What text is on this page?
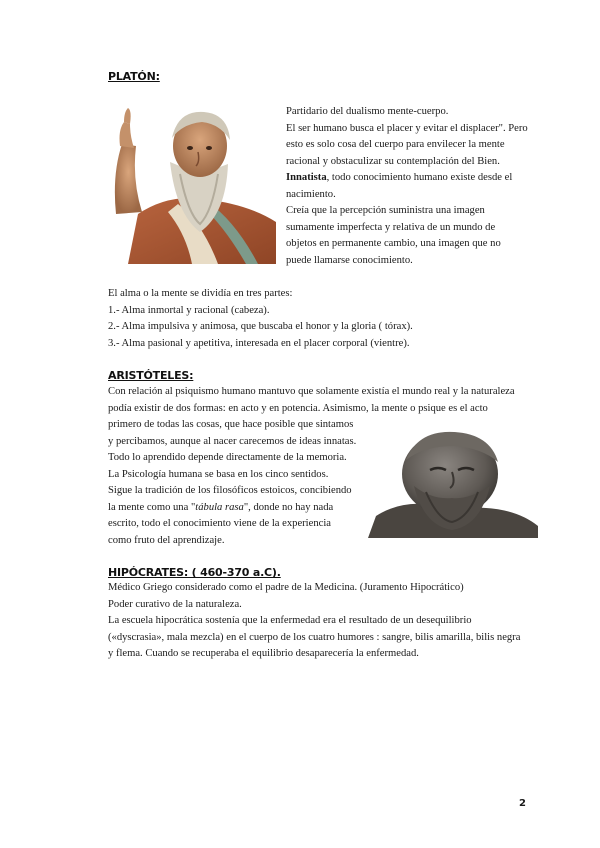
PLATÓN:
Partidario del dualismo mente-cuerpo.
El ser humano busca el placer y evitar el displacer". Pero
esto es solo cosa del cuerpo para envilecer la mente
racional y obstaculizar su contemplación del Bien.
Innatista, todo conocimiento humano existe desde el
nacimiento.
Creía que la percepción suministra una imagen
sumamente imperfecta y relativa de un mundo de
objetos en permanente cambio, una imagen que no
puede llamarse conocimiento.
El alma o la mente se dividía en tres partes:
1.- Alma inmortal y racional (cabeza).
2.- Alma impulsiva y animosa, que buscaba el honor y la gloria ( tórax).
3.- Alma pasional y apetitiva, interesada en el placer corporal (vientre).
ARISTÓTELES:
Con relación al psiquismo humano mantuvo que solamente existía el mundo real y la naturaleza
podía existir de dos formas: en acto y en potencia. Asimismo, la mente o psique es el acto
primero de todas las cosas, que hace posible que sintamos
y percibamos, aunque al nacer carecemos de ideas innatas.
Todo lo aprendido depende directamente de la memoria.
La Psicología humana se basa en los cinco sentidos.
Sigue la tradición de los filosóficos estoicos, concibiendo
la mente como una "tábula rasa", donde no hay nada
escrito, todo el conocimiento viene de la experiencia
como fruto del aprendizaje.
HIPÓCRATES: ( 460-370 a.C).
Médico Griego considerado como el padre de la Medicina. (Juramento Hipocrático)
Poder curativo de la naturaleza.
La escuela hipocrática sostenía que la enfermedad era el resultado de un desequilibrio
(«dyscrasia», mala mezcla) en el cuerpo de los cuatro humores : sangre, bilis amarilla, bilis negra
y flema. Cuando se recuperaba el equilibrio desaparecería la enfermedad.
2
